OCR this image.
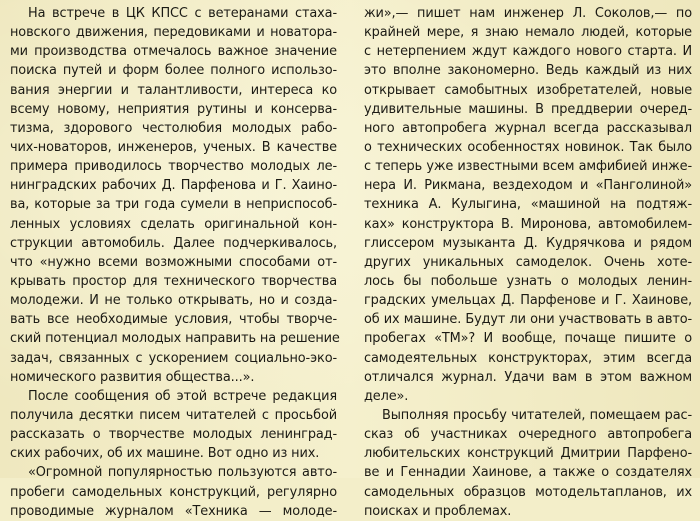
На встрече в ЦК КПСС с ветеранами стаха-
новского движения, передовиками и новатора-
ми производства отмечалось важное значение
поиска путей и форм более полного использо-
вания энергии и талантливости, интереса ко
всему новому, неприятия рутины и консерва-
тизма, здорового честолюбия молодых рабо-
чих-новаторов, инженеров, ученых. В качестве
примера приводилось творчество молодых ле-
нинградских рабочих Д. Парфенова и Г. Хаино-
ва, которые за три года сумели в неприспособ-
ленных условиях сделать оригинальной кон-
струкции автомобиль. Далее подчеркивалось,
что «нужно всеми возможными способами от-
крывать простор для технического творчества
молодежи. И не только открывать, но и созда-
вать все необходимые условия, чтобы творче-
ский потенциал молодых направить на решение
задач, связанных с ускорением социально-эко-
номического развития общества...».
После сообщения об этой встрече редакция
получила десятки писем читателей с просьбой
рассказать о творчестве молодых ленинград-
ских рабочих, об их машине. Вот одно из них.
«Огромной популярностью пользуются авто-
пробеги самодельных конструкций, регулярно
проводимые журналом «Техника — молоде-
жи»,— пишет нам инженер Л. Соколов,— по
крайней мере, я знаю немало людей, которые
с нетерпением ждут каждого нового старта. И
это вполне закономерно. Ведь каждый из них
открывает самобытных изобретателей, новые
удивительные машины. В преддверии очеред-
ного автопробега журнал всегда рассказывал
о технических особенностях новинок. Так было
с теперь уже известными всем амфибией инже-
нера И. Рикмана, вездеходом и «Панголиной»
техника А. Кулыгина, «машиной на подтяж-
ках» конструктора В. Миронова, автомобилем-
глиссером музыканта Д. Кудрячкова и рядом
других уникальных самоделок. Очень хоте-
лось бы побольше узнать о молодых ленин-
градских умельцах Д. Парфенове и Г. Хаинове,
об их машине. Будут ли они участвовать в авто-
пробегах «ТМ»? И вообще, почаще пишите о
самодеятельных конструкторах, этим всегда
отличался журнал. Удачи вам в этом важном
деле».
Выполняя просьбу читателей, помещаем рас-
сказ об участниках очередного автопробега
любительских конструкций Дмитрии Парфено-
ве и Геннадии Хаинове, а также о создателях
самодельных образцов мотодельтапланов, их
поисках и проблемах.
